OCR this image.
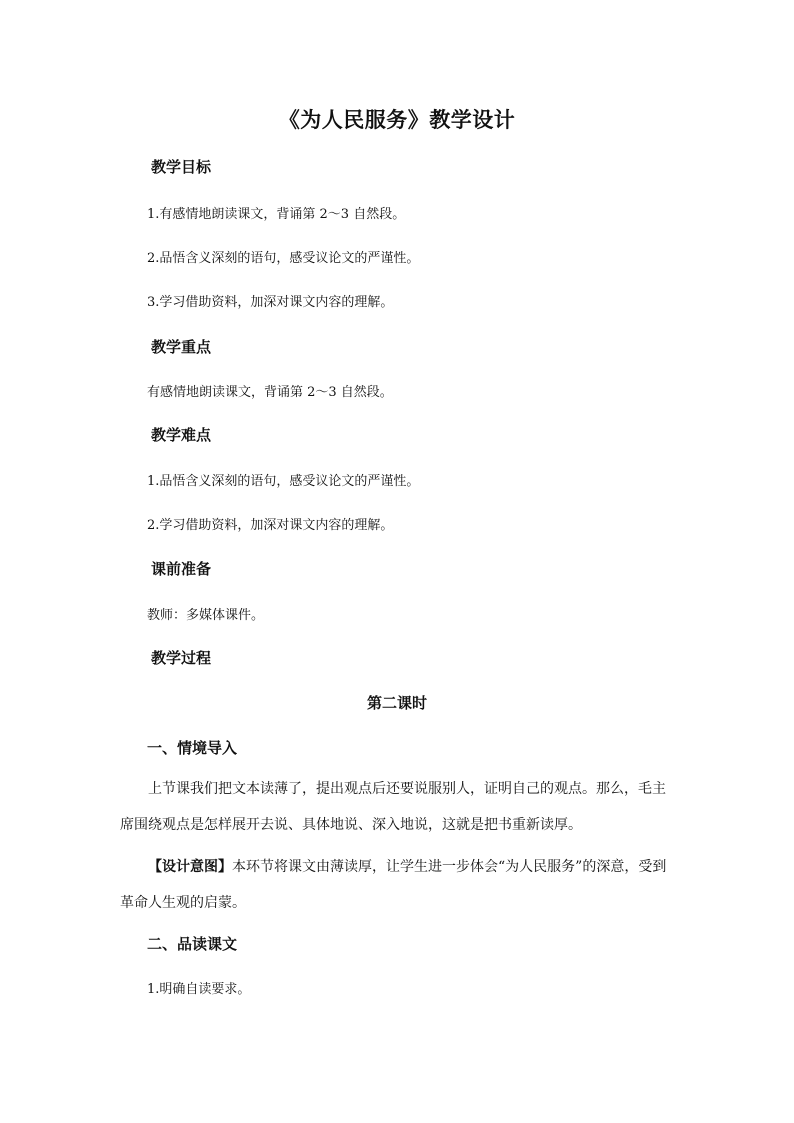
《为人民服务》教学设计
教学目标
1.有感情地朗读课文，背诵第 2～3 自然段。
2.品悟含义深刻的语句，感受议论文的严谨性。
3.学习借助资料，加深对课文内容的理解。
教学重点
有感情地朗读课文，背诵第 2～3 自然段。
教学难点
1.品悟含义深刻的语句，感受议论文的严谨性。
2.学习借助资料，加深对课文内容的理解。
课前准备
教师：多媒体课件。
教学过程
第二课时
一、情境导入
上节课我们把文本读薄了，提出观点后还要说服别人，证明自己的观点。那么，毛主席围绕观点是怎样展开去说、具体地说、深入地说，这就是把书重新读厚。
【设计意图】本环节将课文由薄读厚，让学生进一步体会“为人民服务”的深意，受到革命人生观的启蒙。
二、品读课文
1.明确自读要求。
